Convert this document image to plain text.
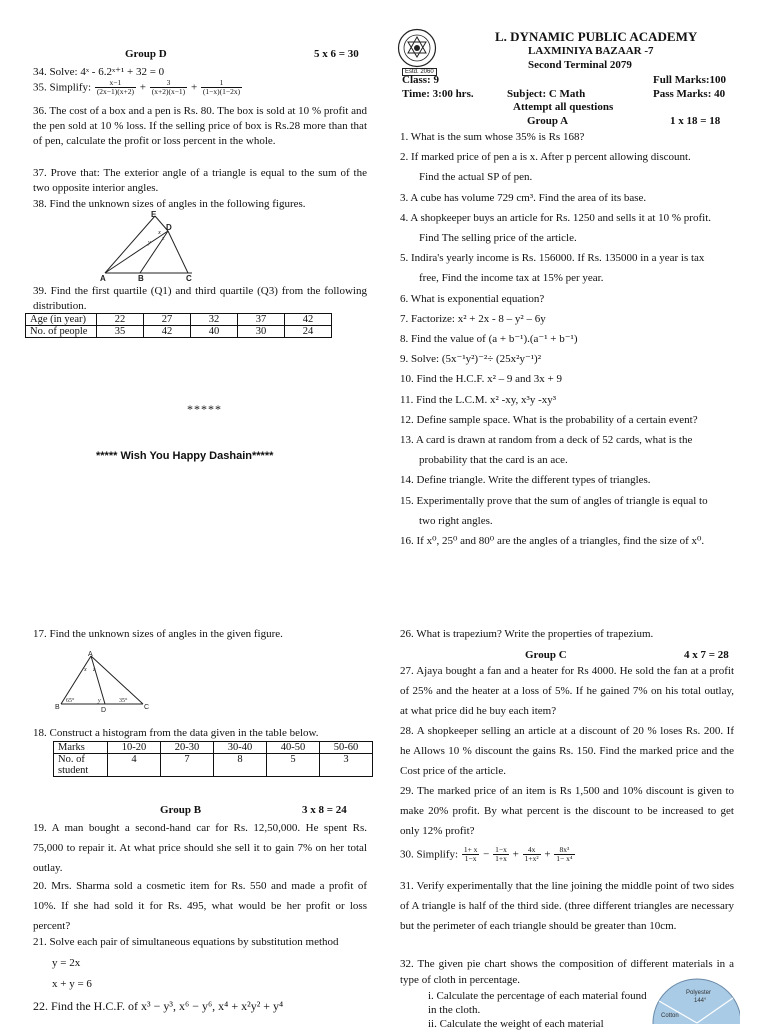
Estd. 2060
L. DYNAMIC PUBLIC ACADEMY
LAXMINIYA BAZAAR -7
Second Terminal 2079
Class: 9	Full Marks:100
Time: 3:00 hrs.	Subject: C Math	Pass Marks: 40
Attempt all questions
Group A	1 x 18 = 18
1. What is the sum whose 35% is Rs 168?
2. If marked price of pen a is x. After p percent allowing discount.
Find the actual SP of pen.
3. A cube has volume 729 cm³. Find the area of its base.
4. A shopkeeper buys an article for Rs. 1250 and sells it at 10 % profit.
Find The selling price of the article.
5. Indira's yearly income is Rs. 156000. If Rs. 135000 in a year is tax
free, Find the income tax at 15% per year.
6. What is exponential equation?
7. Factorize: x² + 2x - 8 – y² – 6y
8. Find the value of (a + b⁻¹).(a⁻¹ + b⁻¹)
9. Solve: (5x⁻¹y²)⁻²÷ (25x²y⁻¹)²
10. Find the H.C.F. x² – 9 and 3x + 9
11. Find the L.C.M. x² -xy, x³y -xy³
12. Define sample space. What is the probability of a certain event?
13. A card is drawn at random from a deck of 52 cards, what is the
probability that the card is an ace.
14. Define triangle. Write the different types of triangles.
15. Experimentally prove that the sum of angles of triangle is equal to
two right angles.
16. If x⁰, 25⁰ and 80⁰ are the angles of a triangles, find the size of x⁰.
Group D	5 x 6 = 30
34. Solve: 4ˣ - 6.2ˣ⁺¹ + 32 = 0
35. Simplify: $\frac{x-1}{(2x-1)(x+2)} + \frac{3}{(x+2)(x-1)} + \frac{1}{(1-x)(1-2x)}$
36. The cost of a box and a pen is Rs. 80. The box is sold at 10 % profit and the pen sold at 10 % loss. If the selling price of box is Rs.28 more than that of pen, calculate the profit or loss percent in the whole.
37. Prove that: The exterior angle of a triangle is equal to the sum of the two opposite interior angles.
38. Find the unknown sizes of angles in the following figures.
E
D
A	B	C
x
y
z
39. Find the first quartile (Q1) and third quartile (Q3) from the following distribution.
Age (in year)	22	27	32	37	42
No. of people	35	42	40	30	24
*****
***** Wish You Happy Dashain*****
17. Find the unknown sizes of angles in the given figure.
A
B	D	C
x z
65°	y	35°
18. Construct a histogram from the data given in the table below.
Marks	10-20	20-30	30-40	40-50	50-60
No. of student	4	7	8	5	3
Group B	3 x 8 = 24
19. A man bought a second-hand car for Rs. 12,50,000. He spent Rs. 75,000 to repair it. At what price should she sell it to gain 7% on her total outlay.
20. Mrs. Sharma sold a cosmetic item for Rs. 550 and made a profit of 10%. If she had sold it for Rs. 495, what would be her profit or loss percent?
21. Solve each pair of simultaneous equations by substitution method
y = 2x
x + y = 6
22. Find the H.C.F. of x³ − y³, x⁶ − y⁶, x⁴ + x²y² + y⁴
26. What is trapezium? Write the properties of trapezium.
Group C	4 x 7 = 28
27. Ajaya bought a fan and a heater for Rs 4000. He sold the fan at a profit of 25% and the heater at a loss of 5%. If he gained 7% on his total outlay, at what price did he buy each item?
28. A shopkeeper selling an article at a discount of 20 % loses Rs. 200. If he Allows 10 % discount the gains Rs. 150. Find the marked price and the Cost price of the article.
29. The marked price of an item is Rs 1,500 and 10% discount is given to make 20% profit. By what percent is the discount to be increased to get only 12% profit?
30. Simplify: $\frac{1+ x}{1-x} - \frac{1-x}{1+x} + \frac{4x}{\text{1+x²}} + \frac{\text{8x³}}{\text{1− x⁴}}$
31. Verify experimentally that the line joining the middle point of two sides of A triangle is half of the third side. (three different triangles are necessary but the perimeter of each triangle should be greater than 10cm.
32. The given pie chart shows the composition of different materials in a type of cloth in percentage.
i. Calculate the percentage of each material found in the cloth.
ii. Calculate the weight of each material
Polyester
144°
Cotton
